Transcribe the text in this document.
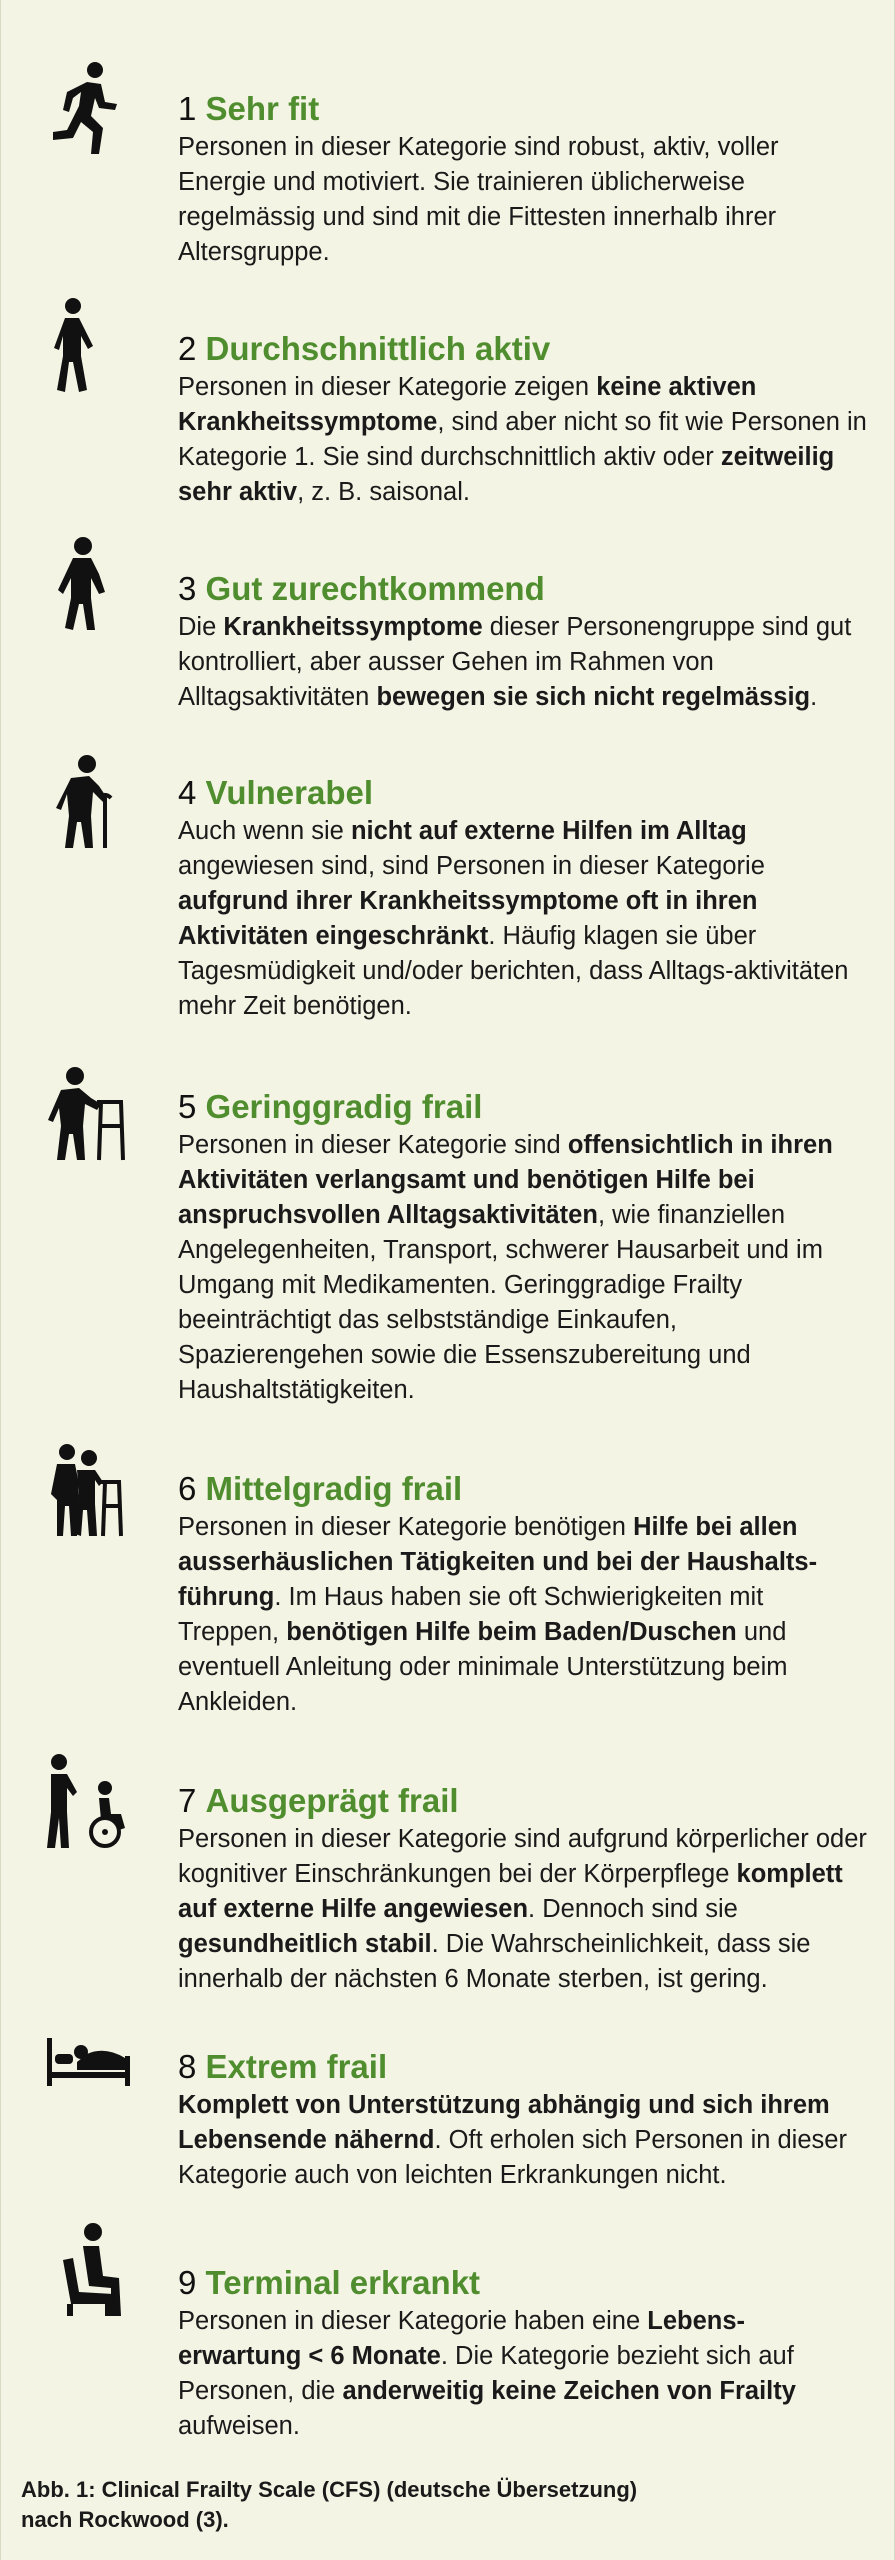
1 Sehr fit

Personen in dieser Kategorie sind robust, aktiv, voller Energie und motiviert. Sie trainieren üblicherweise regelmässig und sind mit die Fittesten innerhalb ihrer Altersgruppe.

2 Durchschnittlich aktiv

Personen in dieser Kategorie zeigen keine aktiven Krankheitssymptome, sind aber nicht so fit wie Personen in Kategorie 1. Sie sind durchschnittlich aktiv oder zeitweilig sehr aktiv, z. B. saisonal.

3 Gut zurechtkommend

Die Krankheitssymptome dieser Personengruppe sind gut kontrolliert, aber ausser Gehen im Rahmen von Alltagsaktivitäten bewegen sie sich nicht regelmässig.

4 Vulnerabel

Auch wenn sie nicht auf externe Hilfen im Alltag angewiesen sind, sind Personen in dieser Kategorie aufgrund ihrer Krankheitssymptome oft in ihren Aktivitäten eingeschränkt. Häufig klagen sie über Tagesmüdigkeit und/oder berichten, dass Alltags-aktivitäten mehr Zeit benötigen.

5 Geringgradig frail

Personen in dieser Kategorie sind offensichtlich in ihren Aktivitäten verlangsamt und benötigen Hilfe bei anspruchsvollen Alltagsaktivitäten, wie finanziellen Angelegenheiten, Transport, schwerer Hausarbeit und im Umgang mit Medikamenten. Geringgradige Frailty beeinträchtigt das selbstständige Einkaufen, Spazierengehen sowie die Essenszubereitung und Haushaltstätigkeiten.

6 Mittelgradig frail

Personen in dieser Kategorie benötigen Hilfe bei allen ausserhäuslichen Tätigkeiten und bei der Haushalts-führung. Im Haus haben sie oft Schwierigkeiten mit Treppen, benötigen Hilfe beim Baden/Duschen und eventuell Anleitung oder minimale Unterstützung beim Ankleiden.

7 Ausgeprägt frail

Personen in dieser Kategorie sind aufgrund körperlicher oder kognitiver Einschränkungen bei der Körperpflege komplett auf externe Hilfe angewiesen. Dennoch sind sie gesundheitlich stabil. Die Wahrscheinlichkeit, dass sie innerhalb der nächsten 6 Monate sterben, ist gering.

8 Extrem frail

Komplett von Unterstützung abhängig und sich ihrem Lebensende nähernd. Oft erholen sich Personen in dieser Kategorie auch von leichten Erkrankungen nicht.

9 Terminal erkrankt

Personen in dieser Kategorie haben eine Lebens-erwartung < 6 Monate. Die Kategorie bezieht sich auf Personen, die anderweitig keine Zeichen von Frailty aufweisen.

Abb. 1: Clinical Frailty Scale (CFS) (deutsche Übersetzung)
nach Rockwood (3).
